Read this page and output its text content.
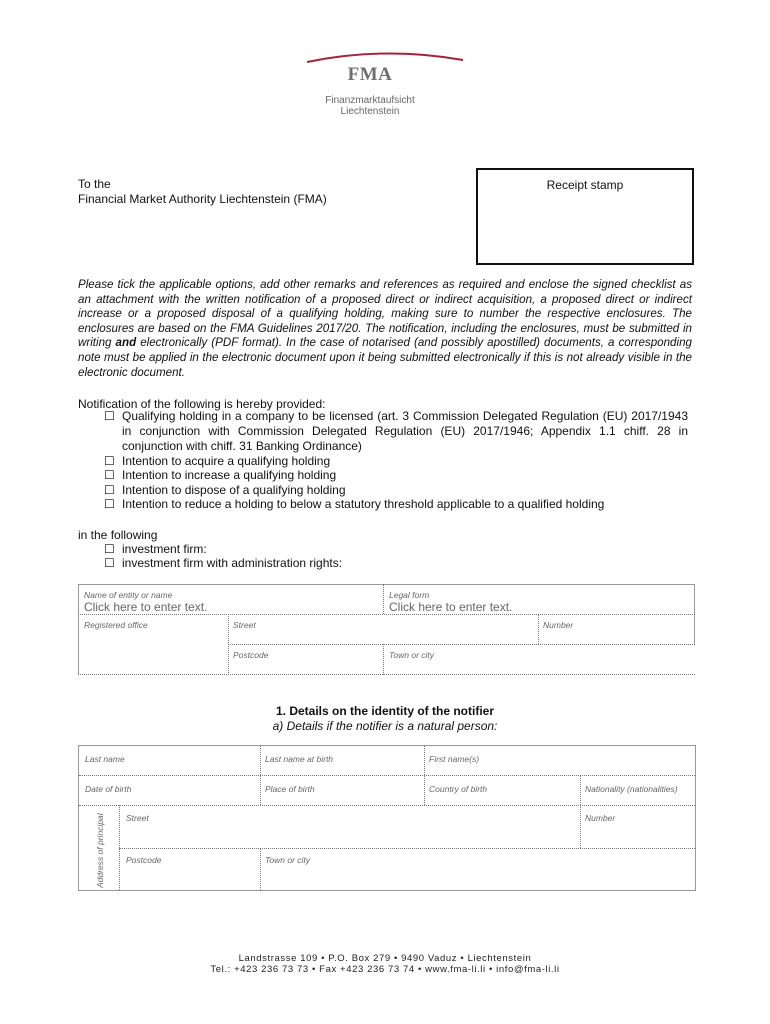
FMA
Finanzmarktaufsicht
Liechtenstein
To the
Financial Market Authority Liechtenstein (FMA)
Receipt stamp
Please tick the applicable options, add other remarks and references as required and enclose the signed checklist as an attachment with the written notification of a proposed direct or indirect acquisition, a proposed direct or indirect increase or a proposed disposal of a qualifying holding, making sure to number the respective enclosures. The enclosures are based on the FMA Guidelines 2017/20. The notification, including the enclosures, must be submitted in writing and electronically (PDF format). In the case of notarised (and possibly apostilled) documents, a corresponding note must be applied in the electronic document upon it being submitted electronically if this is not already visible in the electronic document.
Notification of the following is hereby provided:
☐ Qualifying holding in a company to be licensed (art. 3 Commission Delegated Regulation (EU) 2017/1943 in conjunction with Commission Delegated Regulation (EU) 2017/1946; Appendix 1.1 chiff. 28 in conjunction with chiff. 31 Banking Ordinance)
☐ Intention to acquire a qualifying holding
☐ Intention to increase a qualifying holding
☐ Intention to dispose of a qualifying holding
☐ Intention to reduce a holding to below a statutory threshold applicable to a qualified holding
in the following
☐ investment firm:
☐ investment firm with administration rights:
Name of entity or name
Click here to enter text.
Legal form
Click here to enter text.
Registered office	Street	Number
Postcode	Town or city
1. Details on the identity of the notifier
a) Details if the notifier is a natural person:
Last name	Last name at birth	First name(s)
Date of birth	Place of birth	Country of birth	Nationality (nationalities)
Street	Number
Postcode	Town or city
Address of principal
Landstrasse 109 • P.O. Box 279 • 9490 Vaduz • Liechtenstein
Tel.: +423 236 73 73 • Fax +423 236 73 74 • www.fma-li.li • info@fma-li.li
